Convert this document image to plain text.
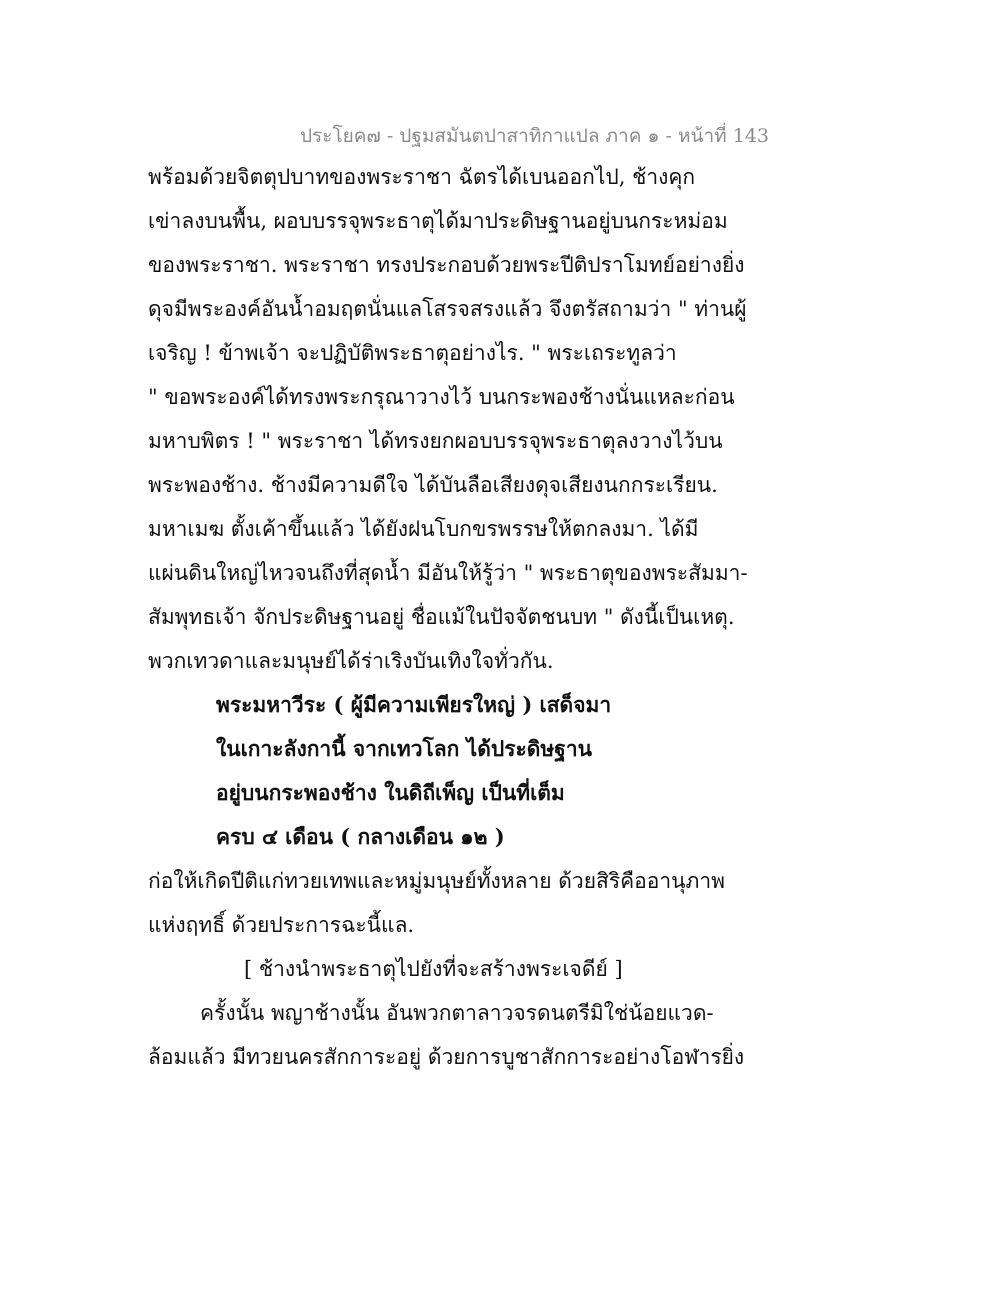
ประโยค๗ - ปฐมสมันตปาสาทิกาแปล ภาค ๑ - หน้าที่ 143
พร้อมด้วยจิตตุปบาทของพระราชา ฉัตรได้เบนออกไป, ช้างคุก
เข่าลงบนพื้น, ผอบบรรจุพระธาตุได้มาประดิษฐานอยู่บนกระหม่อม
ของพระราชา. พระราชา ทรงประกอบด้วยพระปีติปราโมทย์อย่างยิ่ง
ดุจมีพระองค์อันน้ำอมฤตนั่นแลโสรจสรงแล้ว จึงตรัสถามว่า " ท่านผู้
เจริญ ! ข้าพเจ้า จะปฏิบัติพระธาตุอย่างไร. " พระเถระทูลว่า
" ขอพระองค์ได้ทรงพระกรุณาวางไว้ บนกระพองช้างนั่นแหละก่อน
มหาบพิตร ! " พระราชา ได้ทรงยกผอบบรรจุพระธาตุลงวางไว้บน
พระพองช้าง. ช้างมีความดีใจ ได้บันลือเสียงดุจเสียงนกกระเรียน.
มหาเมฆ ตั้งเค้าขึ้นแล้ว ได้ยังฝนโบกขรพรรษให้ตกลงมา. ได้มี
แผ่นดินใหญ่ไหวจนถึงที่สุดน้ำ มีอันให้รู้ว่า " พระธาตุของพระสัมมา-
สัมพุทธเจ้า จักประดิษฐานอยู่ ชื่อแม้ในปัจจัตชนบท " ดังนี้เป็นเหตุ.
พวกเทวดาและมนุษย์ได้ร่าเริงบันเทิงใจทั่วกัน.
พระมหาวีระ ( ผู้มีความเพียรใหญ่ ) เสด็จมา
ในเกาะลังกานี้ จากเทวโลก ได้ประดิษฐาน
อยู่บนกระพองช้าง ในดิถีเพ็ญ เป็นที่เต็ม
ครบ ๔ เดือน ( กลางเดือน ๑๒ )
ก่อให้เกิดปีติแก่ทวยเทพและหมู่มนุษย์ทั้งหลาย ด้วยสิริคืออานุภาพ
แห่งฤทธิ์ ด้วยประการฉะนี้แล.
[ ช้างนำพระธาตุไปยังที่จะสร้างพระเจดีย์ ]
ครั้งนั้น พญาช้างนั้น อันพวกตาลาวจรดนตรีมิใช่น้อยแวด-
ล้อมแล้ว มีทวยนครสักการะอยู่ ด้วยการบูชาสักการะอย่างโอฬารยิ่ง
